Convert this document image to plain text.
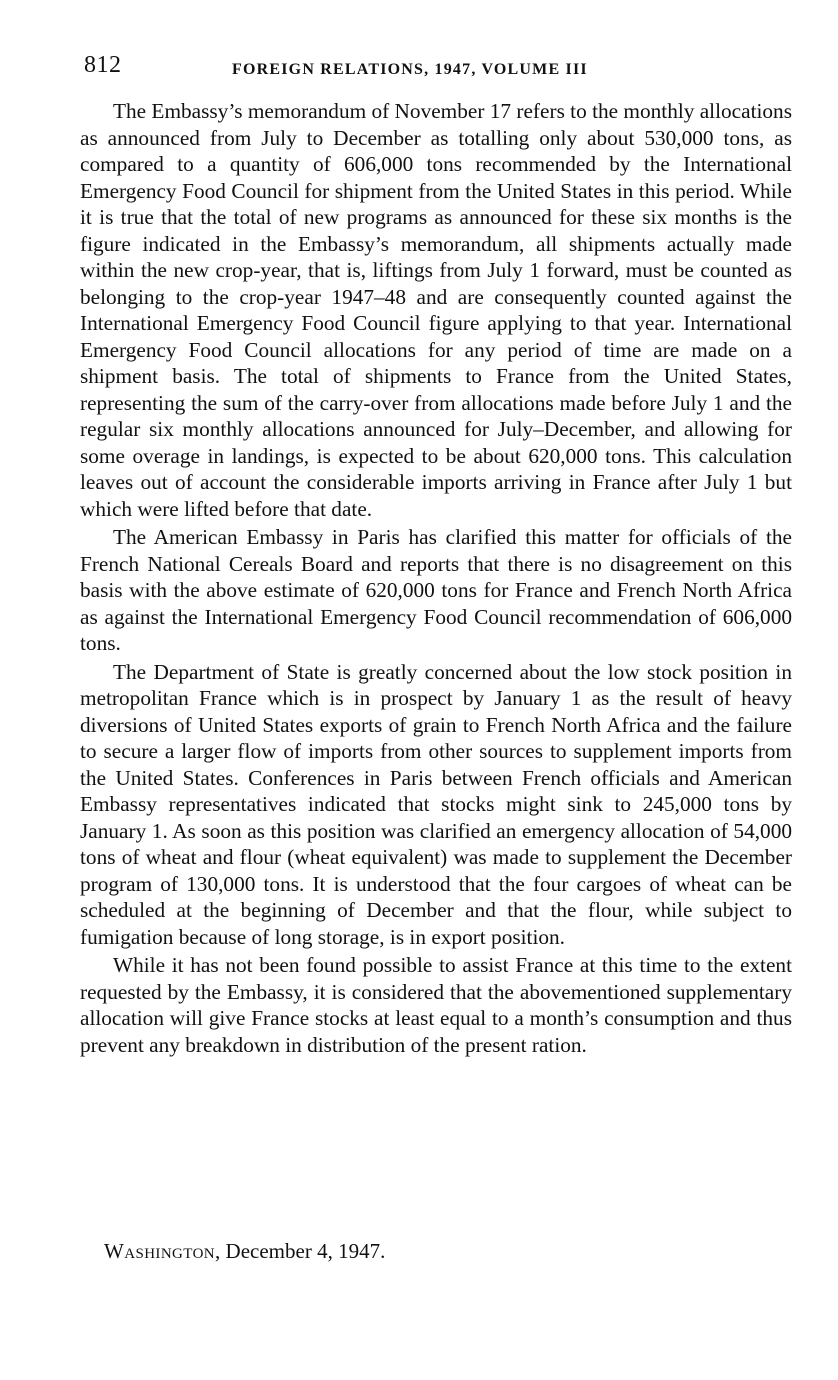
812	FOREIGN RELATIONS, 1947, VOLUME III

The Embassy’s memorandum of November 17 refers to the monthly allocations as announced from July to December as totalling only about 530,000 tons, as compared to a quantity of 606,000 tons recommended by the International Emergency Food Council for shipment from the United States in this period. While it is true that the total of new programs as announced for these six months is the figure indicated in the Embassy’s memorandum, all shipments actually made within the new crop-year, that is, liftings from July 1 forward, must be counted as belonging to the crop-year 1947–48 and are consequently counted against the International Emergency Food Council figure applying to that year. International Emergency Food Council allocations for any period of time are made on a shipment basis. The total of shipments to France from the United States, representing the sum of the carry-over from allocations made before July 1 and the regular six monthly allocations announced for July–December, and allowing for some overage in landings, is expected to be about 620,000 tons. This calculation leaves out of account the considerable imports arriving in France after July 1 but which were lifted before that date.

The American Embassy in Paris has clarified this matter for officials of the French National Cereals Board and reports that there is no disagreement on this basis with the above estimate of 620,000 tons for France and French North Africa as against the International Emergency Food Council recommendation of 606,000 tons.

The Department of State is greatly concerned about the low stock position in metropolitan France which is in prospect by January 1 as the result of heavy diversions of United States exports of grain to French North Africa and the failure to secure a larger flow of imports from other sources to supplement imports from the United States. Conferences in Paris between French officials and American Embassy representatives indicated that stocks might sink to 245,000 tons by January 1. As soon as this position was clarified an emergency allocation of 54,000 tons of wheat and flour (wheat equivalent) was made to supplement the December program of 130,000 tons. It is understood that the four cargoes of wheat can be scheduled at the beginning of December and that the flour, while subject to fumigation because of long storage, is in export position.

While it has not been found possible to assist France at this time to the extent requested by the Embassy, it is considered that the abovementioned supplementary allocation will give France stocks at least equal to a month’s consumption and thus prevent any breakdown in distribution of the present ration.

Washington, December 4, 1947.
